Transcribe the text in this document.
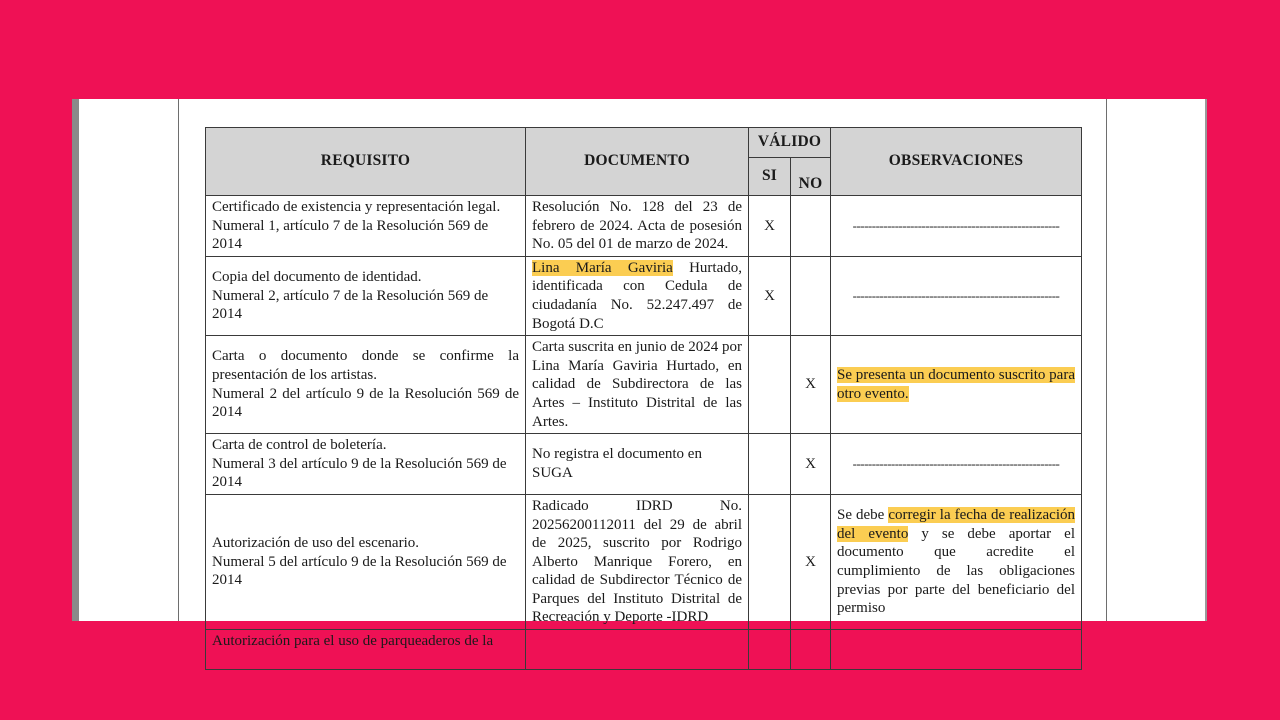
REQUISITO	DOCUMENTO	VÁLIDO		OBSERVACIONES
		SI	NO	

Certificado de existencia y representación legal.
Numeral 1, artículo 7 de la Resolución 569 de 2014	Resolución No. 128 del 23 de febrero de 2024. Acta de posesión No. 05 del 01 de marzo de 2024.	X		------------------------------------------------------

Copia del documento de identidad.
Numeral 2, artículo 7 de la Resolución 569 de 2014	Lina María Gaviria Hurtado, identificada con Cedula de ciudadanía No. 52.247.497 de Bogotá D.C	X		------------------------------------------------------

Carta o documento donde se confirme la presentación de los artistas.
Numeral 2 del artículo 9 de la Resolución 569 de 2014	Carta suscrita en junio de 2024 por Lina María Gaviria Hurtado, en calidad de Subdirectora de las Artes – Instituto Distrital de las Artes.		X	Se presenta un documento suscrito para otro evento.

Carta de control de boletería.
Numeral 3 del artículo 9 de la Resolución 569 de 2014	No registra el documento en SUGA		X	------------------------------------------------------

Autorización de uso del escenario.
Numeral 5 del artículo 9 de la Resolución 569 de 2014	Radicado IDRD No. 20256200112011 del 29 de abril de 2025, suscrito por Rodrigo Alberto Manrique Forero, en calidad de Subdirector Técnico de Parques del Instituto Distrital de Recreación y Deporte -IDRD		X	Se debe corregir la fecha de realización del evento y se debe aportar el documento que acredite el cumplimiento de las obligaciones previas por parte del beneficiario del permiso

Autorización para el uso de parqueaderos de la				
